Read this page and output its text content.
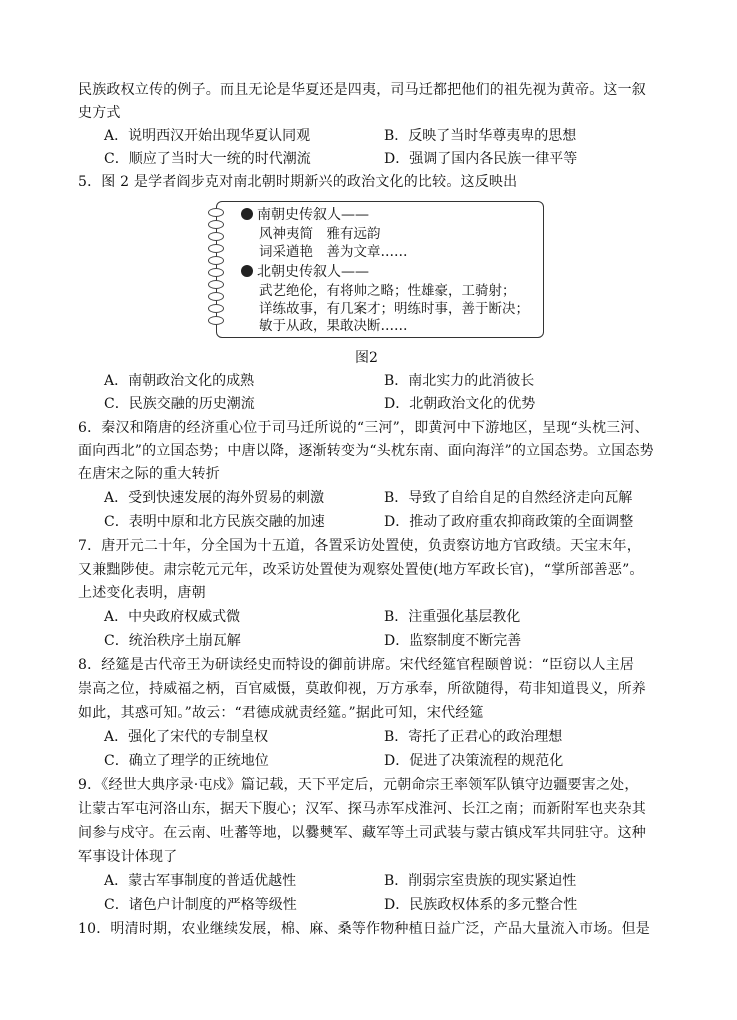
民族政权立传的例子。而且无论是华夏还是四夷，司马迁都把他们的祖先视为黄帝。这一叙
史方式
A．说明西汉开始出现华夏认同观	B．反映了当时华尊夷卑的思想
C．顺应了当时大一统的时代潮流	D．强调了国内各民族一律平等
5．图 2 是学者阎步克对南北朝时期新兴的政治文化的比较。这反映出
南朝史传叙人——
风神夷简　雅有远韵
词采遒艳　善为文章……
北朝史传叙人——
武艺绝伦，有将帅之略；性雄豪，工骑射；
详练故事，有几案才；明练时事，善于断决；
敏于从政，果敢决断……
图2
A．南朝政治文化的成熟	B．南北实力的此消彼长
C．民族交融的历史潮流	D．北朝政治文化的优势
6．秦汉和隋唐的经济重心位于司马迁所说的“三河”，即黄河中下游地区，呈现“头枕三河、
面向西北”的立国态势；中唐以降，逐渐转变为“头枕东南、面向海洋”的立国态势。立国态势
在唐宋之际的重大转折
A．受到快速发展的海外贸易的刺激	B．导致了自给自足的自然经济走向瓦解
C．表明中原和北方民族交融的加速	D．推动了政府重农抑商政策的全面调整
7．唐开元二十年，分全国为十五道，各置采访处置使，负责察访地方官政绩。天宝末年，
又兼黜陟使。肃宗乾元元年，改采访处置使为观察处置使(地方军政长官)，“掌所部善恶”。
上述变化表明，唐朝
A．中央政府权威式微	B．注重强化基层教化
C．统治秩序土崩瓦解	D．监察制度不断完善
8．经筵是古代帝王为研读经史而特设的御前讲席。宋代经筵官程颐曾说：“臣窃以人主居
崇高之位，持威福之柄，百官威慑，莫敢仰视，万方承奉，所欲随得，苟非知道畏义，所养
如此，其惑可知。”故云：“君德成就责经筵。”据此可知，宋代经筵
A．强化了宋代的专制皇权	B．寄托了正君心的政治理想
C．确立了理学的正统地位	D．促进了决策流程的规范化
9．《经世大典序录·屯戍》篇记载，天下平定后，元朝命宗王率领军队镇守边疆要害之处，
让蒙古军屯河洛山东，据天下腹心；汉军、探马赤军戍淮河、长江之南；而新附军也夹杂其
间参与戍守。在云南、吐蕃等地，以爨僰军、藏军等土司武装与蒙古镇戍军共同驻守。这种
军事设计体现了
A．蒙古军事制度的普适优越性	B．削弱宗室贵族的现实紧迫性
C．诸色户计制度的严格等级性	D．民族政权体系的多元整合性
10．明清时期，农业继续发展，棉、麻、桑等作物种植日益广泛，产品大量流入市场。但是
